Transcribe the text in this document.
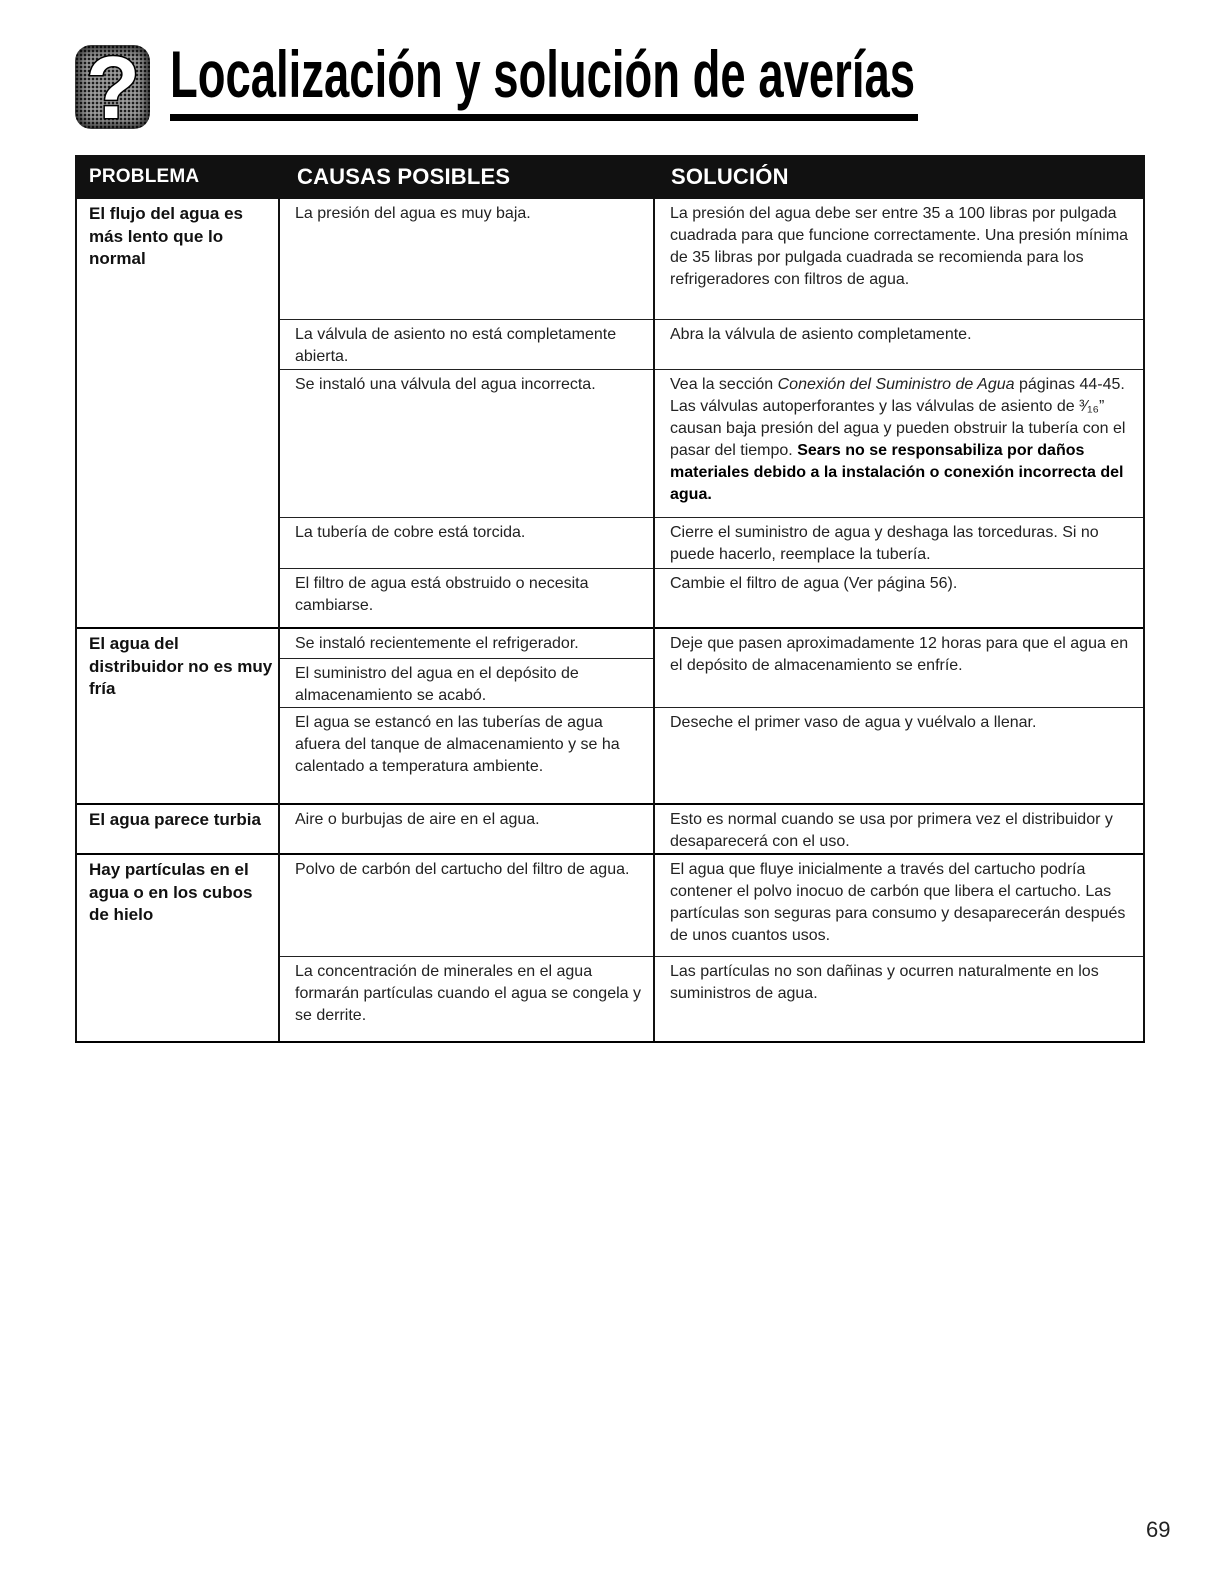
? Localización y solución de averías
PROBLEMA	CAUSAS POSIBLES	SOLUCIÓN
El flujo del agua es más lento que lo normal	La presión del agua es muy baja.	La presión del agua debe ser entre 35 a 100 libras por pulgada cuadrada para que funcione correctamente. Una presión mínima de 35 libras por pulgada cuadrada se recomienda para los refrigeradores con filtros de agua.
	La válvula de asiento no está completamente abierta.	Abra la válvula de asiento completamente.
	Se instaló una válvula del agua incorrecta.	Vea la sección Conexión del Suministro de Agua páginas 44-45. Las válvulas autoperforantes y las válvulas de asiento de ³⁄₁₆” causan baja presión del agua y pueden obstruir la tubería con el pasar del tiempo. Sears no se responsabiliza por daños materiales debido a la instalación o conexión incorrecta del agua.
	La tubería de cobre está torcida.	Cierre el suministro de agua y deshaga las torceduras. Si no puede hacerlo, reemplace la tubería.
	El filtro de agua está obstruido o necesita cambiarse.	Cambie el filtro de agua (Ver página 56).
El agua del distribuidor no es muy fría	Se instaló recientemente el refrigerador.	Deje que pasen aproximadamente 12 horas para que el agua en el depósito de almacenamiento se enfríe.
	El suministro del agua en el depósito de almacenamiento se acabó.	
	El agua se estancó en las tuberías de agua afuera del tanque de almacenamiento y se ha calentado a temperatura ambiente.	Deseche el primer vaso de agua y vuélvalo a llenar.
El agua parece turbia	Aire o burbujas de aire en el agua.	Esto es normal cuando se usa por primera vez el distribuidor y desaparecerá con el uso.
Hay partículas en el agua o en los cubos de hielo	Polvo de carbón del cartucho del filtro de agua.	El agua que fluye inicialmente a través del cartucho podría contener el polvo inocuo de carbón que libera el cartucho. Las partículas son seguras para consumo y desaparecerán después de unos cuantos usos.
	La concentración de minerales en el agua formarán partículas cuando el agua se congela y se derrite.	Las partículas no son dañinas y ocurren naturalmente en los suministros de agua.
69
